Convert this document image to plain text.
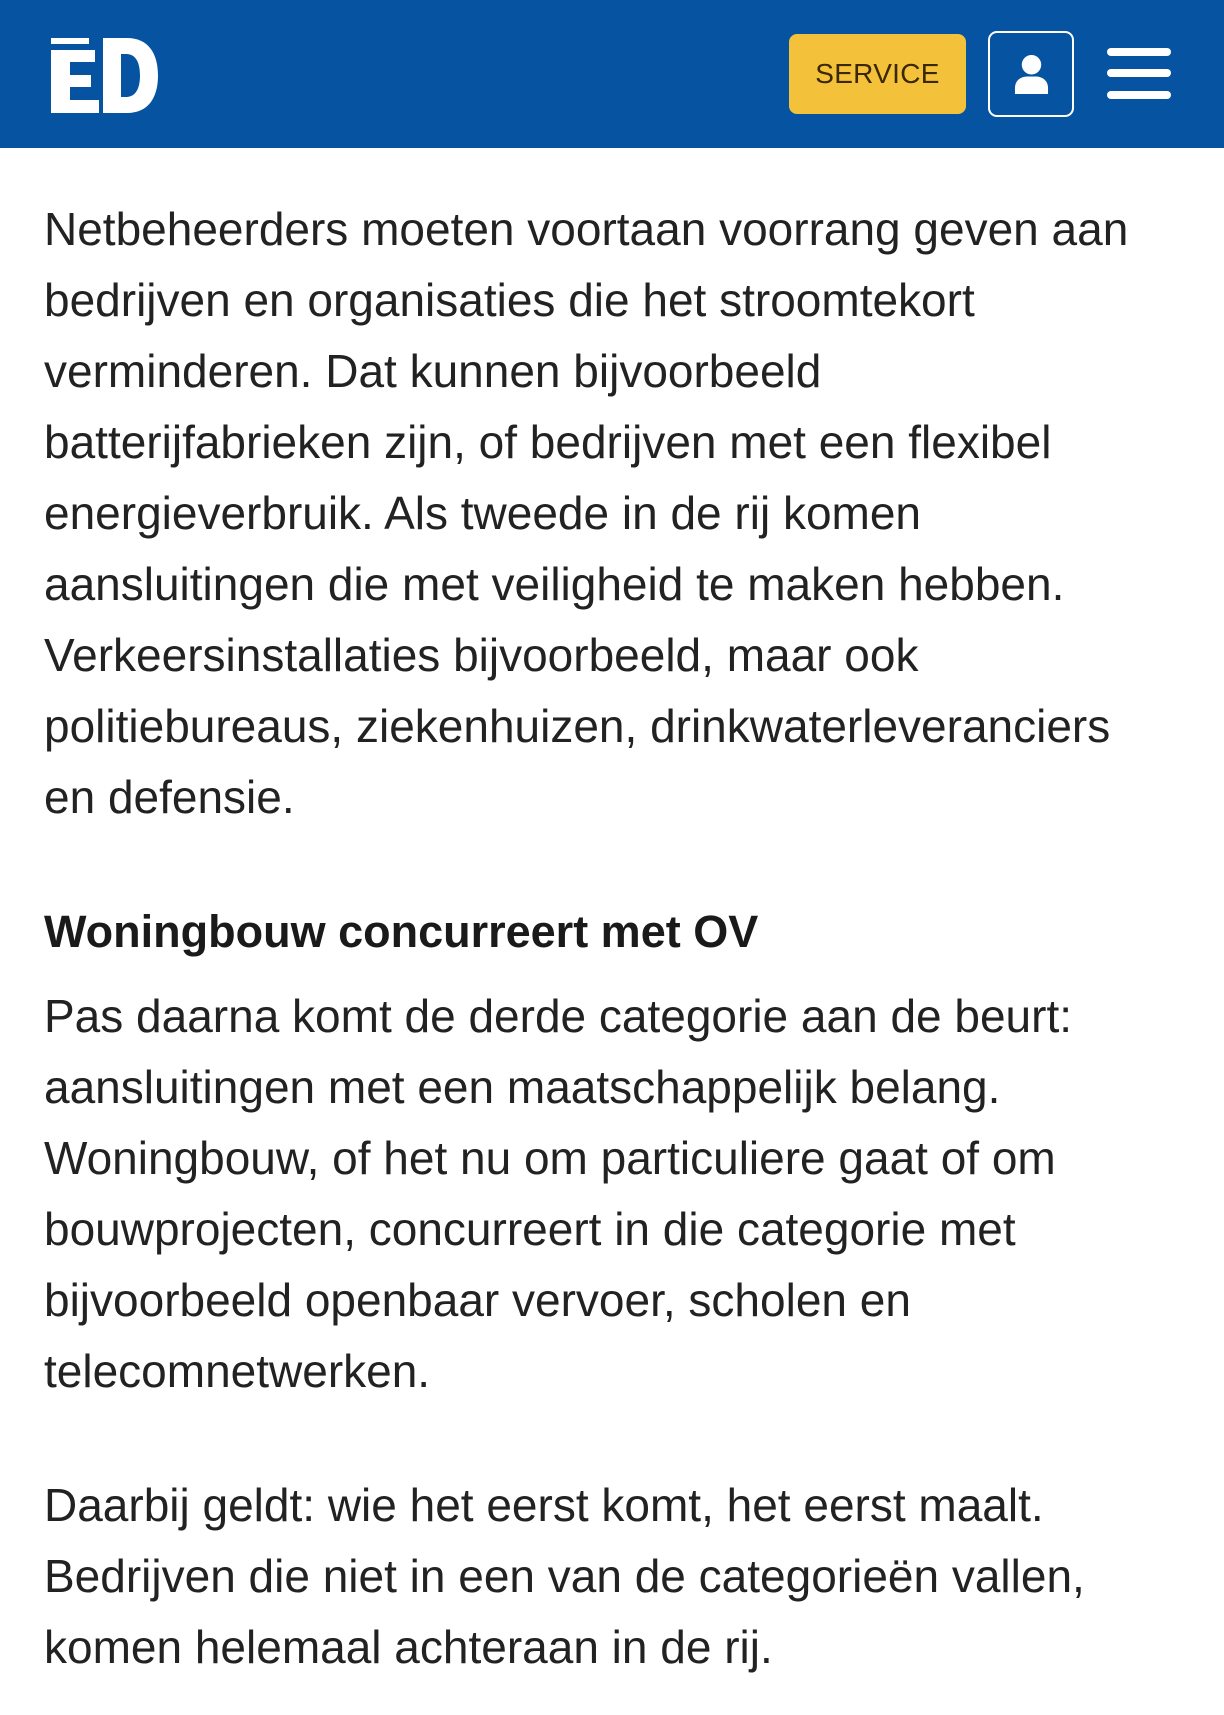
SERVICE

Netbeheerders moeten voortaan voorrang geven aan
bedrijven en organisaties die het stroomtekort
verminderen. Dat kunnen bijvoorbeeld
batterijfabrieken zijn, of bedrijven met een flexibel
energieverbruik. Als tweede in de rij komen
aansluitingen die met veiligheid te maken hebben.
Verkeersinstallaties bijvoorbeeld, maar ook
politiebureaus, ziekenhuizen, drinkwaterleveranciers
en defensie.

Woningbouw concurreert met OV

Pas daarna komt de derde categorie aan de beurt:
aansluitingen met een maatschappelijk belang.
Woningbouw, of het nu om particuliere gaat of om
bouwprojecten, concurreert in die categorie met
bijvoorbeeld openbaar vervoer, scholen en
telecomnetwerken.

Daarbij geldt: wie het eerst komt, het eerst maalt.
Bedrijven die niet in een van de categorieën vallen,
komen helemaal achteraan in de rij.
